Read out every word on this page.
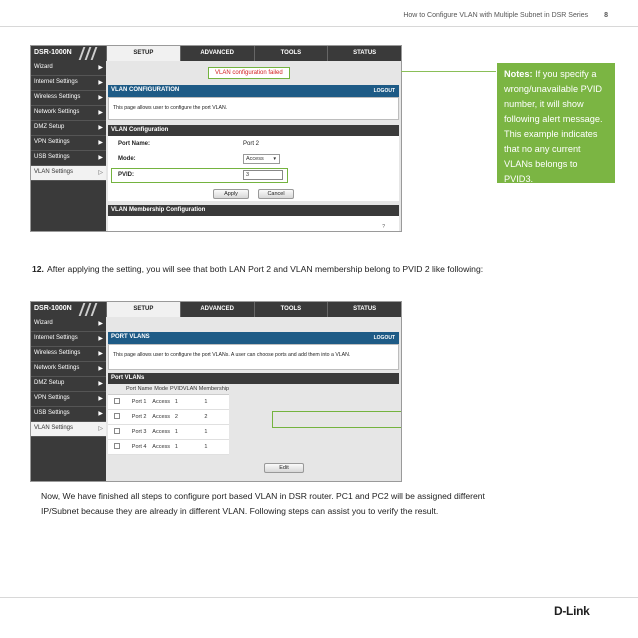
How to Configure VLAN with Multiple Subnet in DSR Series 8
DSR-1000N	SETUP	ADVANCED	TOOLS	STATUS
Wizard	▶
Internet Settings	▶
Wireless Settings	▶
Network Settings	▶
DMZ Setup	▶
VPN Settings	▶
USB Settings	▶
VLAN Settings	▷
VLAN configuration failed
VLAN CONFIGURATION	LOGOUT
This page allows user to configure the port VLAN.
VLAN Configuration
Port Name:	Port 2
Mode:	Access ▼
PVID:	3
Apply	Cancel
VLAN Membership Configuration
?
Notes: If you specify a wrong/unavailable PVID number, it will show following alert message. This example indicates that no any current VLANs belongs to PVID3.
12. After applying the setting, you will see that both LAN Port 2 and VLAN membership belong to PVID 2 like following:
DSR-1000N	SETUP	ADVANCED	TOOLS	STATUS
Wizard	▶
Internet Settings	▶
Wireless Settings	▶
Network Settings	▶
DMZ Setup	▶
VPN Settings	▶
USB Settings	▶
VLAN Settings	▷
PORT VLANS	LOGOUT
This page allows user to configure the port VLANs. A user can choose ports and add them into a VLAN.
Port VLANs
	Port Name	Mode	PVID	VLAN Membership
	Port 1	Access	1	1
	Port 2	Access	2	2
	Port 3	Access	1	1
	Port 4	Access	1	1
Edit
Now, We have finished all steps to configure port based VLAN in DSR router. PC1 and PC2 will be assigned different IP/Subnet because they are already in different VLAN. Following steps can assist you to verify the result.
D-Link
